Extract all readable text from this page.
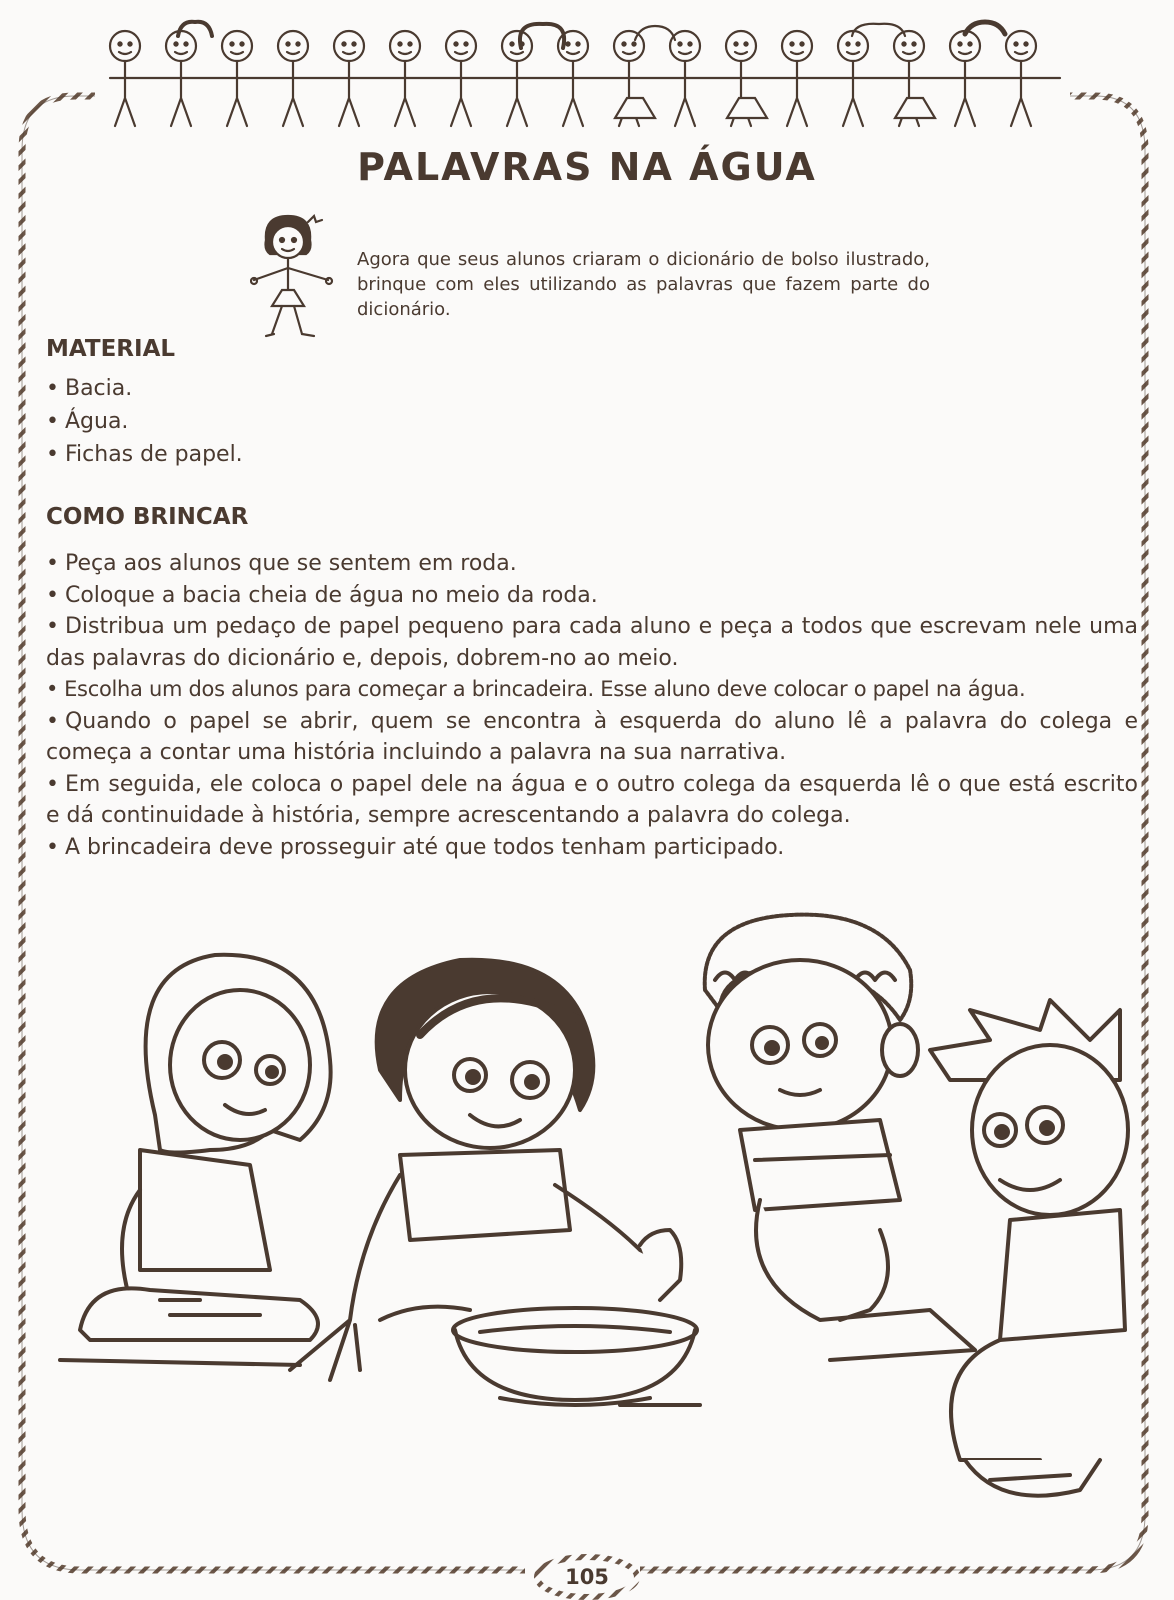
PALAVRAS NA ÁGUA

Agora que seus alunos criaram o dicionário de bolso ilustrado, brinque com eles utilizando as palavras que fazem parte do dicionário.

MATERIAL
• Bacia.
• Água.
• Fichas de papel.
COMO BRINCAR
• Peça aos alunos que se sentem em roda.
• Coloque a bacia cheia de água no meio da roda.
• Distribua um pedaço de papel pequeno para cada aluno e peça a todos que escrevam nele uma das palavras do dicionário e, depois, dobrem-no ao meio.
• Escolha um dos alunos para começar a brincadeira. Esse aluno deve colocar o papel na água.
• Quando o papel se abrir, quem se encontra à esquerda do aluno lê a palavra do colega e começa a contar uma história incluindo a palavra na sua narrativa.
• Em seguida, ele coloca o papel dele na água e o outro colega da esquerda lê o que está escrito e dá continuidade à história, sempre acrescentando a palavra do colega.
• A brincadeira deve prosseguir até que todos tenham participado.
105
